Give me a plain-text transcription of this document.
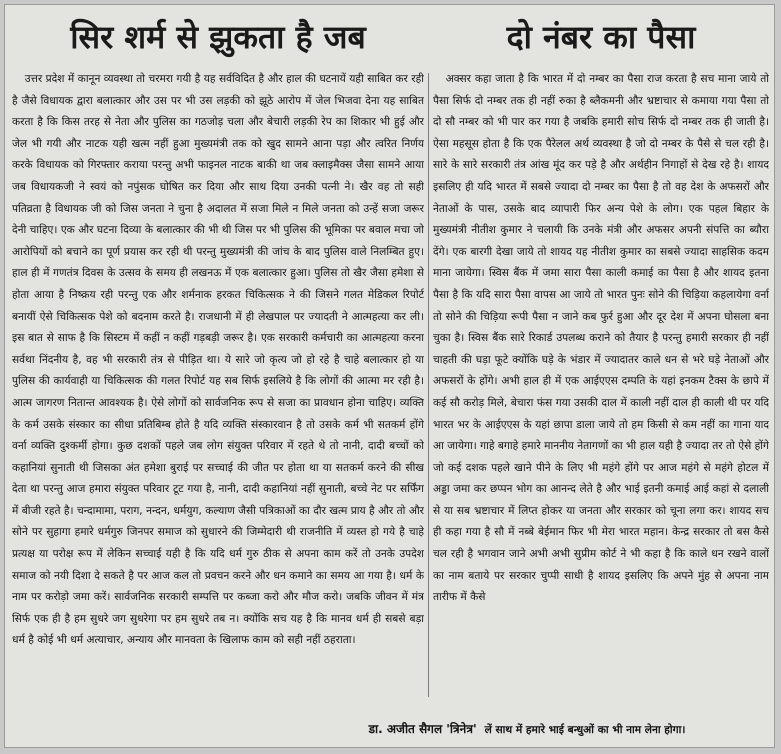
सिर शर्म से झुकता है जब

उत्तर प्रदेश में कानून व्यवस्था तो चरमरा गयी है यह सर्वविदित है और हाल की घटनायें यही साबित कर रही है जैसे विधायक द्वारा बलात्कार और उस पर भी उस लड़की को झूठे आरोप में जेल भिजवा देना यह साबित करता है कि किस तरह से नेता और पुलिस का गठजोड़ चला और बेचारी लड़की रेप का शिकार भी हुई और जेल भी गयी और नाटक यही खत्म नहीं हुआ मुख्यमंत्री तक को खुद सामने आना पड़ा और त्वरित निर्णय करके विधायक को गिरफ्तार कराया परन्तु अभी फाइनल नाटक बाकी था जब क्लाइमैक्स जैसा सामने आया जब विधायकजी ने स्वयं को नपुंसक घोषित कर दिया और साथ दिया उनकी पत्नी ने। खैर वह तो सही पतिव्रता है विधायक जी को जिस जनता ने चुना है अदालत में सजा मिले न मिले जनता को उन्हें सजा जरूर देनी चाहिए। एक और घटना दिव्या के बलात्कार की भी थी जिस पर भी पुलिस की भूमिका पर बवाल मचा जो आरोपियों को बचाने का पूर्ण प्रयास कर रही थी परन्तु मुख्यमंत्री की जांच के बाद पुलिस वाले निलम्बित हुए। हाल ही में गणतंत्र दिवस के उत्सव के समय ही लखनऊ में एक बलात्कार हुआ। पुलिस तो खैर जैसा हमेशा से होता आया है निष्क्रय रही परन्तु एक और शर्मनाक हरकत चिकित्सक ने की जिसने गलत मेडिकल रिपोर्ट बनायीं ऐसे चिकित्सक पेशे को बदनाम करते है। राजधानी में ही लेखपाल पर ज्यादती ने आत्महत्या कर ली। इस बात से साफ है कि सिस्टम में कहीं न कहीं गड़बड़ी जरूर है। एक सरकारी कर्मचारी का आत्महत्या करना सर्वथा निंदनीय है, वह भी सरकारी तंत्र से पीड़ित था। ये सारे जो कृत्य जो हो रहे है चाहे बलात्कार हो या पुलिस की कार्यवाही या चिकित्सक की गलत रिपोर्ट यह सब सिर्फ इसलिये है कि लोगों की आत्मा मर रही है। आत्म जागरण नितान्त आवश्यक है। ऐसे लोगों को सार्वजनिक रूप से सजा का प्रावधान होना चाहिए। व्यक्ति के कर्म उसके संस्कार का सीधा प्रतिबिम्ब होते है यदि व्यक्ति संस्कारवान है तो उसके कर्म भी सतकर्म होंगे वर्ना व्यक्ति दुश्कर्मी होगा। कुछ दशकों पहले जब लोग संयुक्त परिवार में रहते थे तो नानी, दादी बच्चों को कहानियां सुनाती थी जिसका अंत हमेशा बुराई पर सच्चाई की जीत पर होता था या सतकर्म करने की सीख देता था परन्तु आज हमारा संयुक्त परिवार टूट गया है, नानी, दादी कहानियां नहीं सुनाती, बच्चे नेट पर सर्फिंग में बीजी रहते है। चन्दामामा, पराग, नन्दन, धर्मयुग, कल्याण जैसी पत्रिकाओं का दौर खत्म प्राय है और तो और सोने पर सुहागा हमारे धर्मगुरु जिनपर समाज को सुधारने की जिम्मेदारी थी राजनीति में व्यस्त हो गये है चाहे प्रत्यक्ष या परोक्ष रूप में लेकिन सच्चाई यही है कि यदि धर्म गुरु ठीक से अपना काम करें तो उनके उपदेश समाज को नयी दिशा दे सकते है पर आज कल तो प्रवचन करने और धन कमाने का समय आ गया है। धर्म के नाम पर करोड़ो जमा करें। सार्वजनिक सरकारी सम्पत्ति पर कब्जा करो और मौज करो। जबकि जीवन में मंत्र सिर्फ एक ही है हम सुधरे जग सुधरेगा पर हम सुधरे तब न। क्योंकि सच यह है कि मानव धर्म ही सबसे बड़ा धर्म है कोई भी धर्म अत्याचार, अन्याय और मानवता के खिलाफ काम को सही नहीं ठहराता।

दो नंबर का पैसा

अक्सर कहा जाता है कि भारत में दो नम्बर का पैसा राज करता है सच माना जाये तो पैसा सिर्फ दो नम्बर तक ही नहीं रुका है ब्लैकमनी और भ्रष्टाचार से कमाया गया पैसा तो दो सौ नम्बर को भी पार कर गया है जबकि हमारी सोच सिर्फ दो नम्बर तक ही जाती है। ऐसा महसूस होता है कि एक पैरेलल अर्थ व्यवस्था है जो दो नम्बर के पैसे से चल रही है। सारे के सारे सरकारी तंत्र आंख मूंद कर पड़े है और अर्थहीन निगाहों से देख रहे है। शायद इसलिए ही यदि भारत में सबसे ज्यादा दो नम्बर का पैसा है तो वह देश के अफसरों और नेताओं के पास, उसके बाद व्यापारी फिर अन्य पेशे के लोग। एक पहल बिहार के मुख्यमंत्री नीतीश कुमार ने चलायी कि उनके मंत्री और अफसर अपनी संपत्ति का ब्यौरा देंगे। एक बारगी देखा जाये तो शायद यह नीतीश कुमार का सबसे ज्यादा साहसिक कदम माना जायेगा। स्विस बैंक में जमा सारा पैसा काली कमाई का पैसा है और शायद इतना पैसा है कि यदि सारा पैसा वापस आ जाये तो भारत पुनः सोने की चिड़िया कहलायेगा वर्ना तो सोने की चिड़िया रूपी पैसा न जाने कब फुर्र हुआ और दूर देश में अपना घोसला बना चुका है। स्विस बैंक सारे रिकार्ड उपलब्ध कराने को तैयार है परन्तु हमारी सरकार ही नहीं चाहती की घड़ा फूटे क्योंकि घड़े के भंडार में ज्यादातर काले धन से भरे घड़े नेताओं और अफसरों के होंगे। अभी हाल ही में एक आईएएस दम्पति के यहां इनकम टैक्स के छापे में कई सौ करोड़ मिले, बेचारा फंस गया उसकी दाल में काली नहीं दाल ही काली थी पर यदि भारत भर के आईएएस के यहां छापा डाला जाये तो हम किसी से कम नहीं का गाना याद आ जायेगा। गाहे बगाहे हमारे माननीय नेतागणों का भी हाल यही है ज्यादा तर तो ऐसे होंगे जो कई दशक पहले खाने पीने के लिए भी महंगे होंगे पर आज महंगे से महंगे होटल में अड्डा जमा कर छप्पन भोग का आनन्द लेते है और भाई इतनी कमाई आई कहां से दलाली से या सब भ्रष्टाचार में लिप्त होकर या जनता और सरकार को चूना लगा कर। शायद सच ही कहा गया है सौ में नब्बे बेईमान फिर भी मेरा भारत महान। केन्द्र सरकार तो बस कैसे चल रही है भगवान जाने अभी अभी सुप्रीम कोर्ट ने भी कहा है कि काले धन रखने वालों का नाम बताये पर सरकार चुप्पी साधी है शायद इसलिए कि अपने मुंह से अपना नाम तारीफ में कैसे

डा. अजीत सैगल 'त्रिनेत्र' लें साथ में हमारे भाई बन्धुओं का भी नाम लेना होगा।
